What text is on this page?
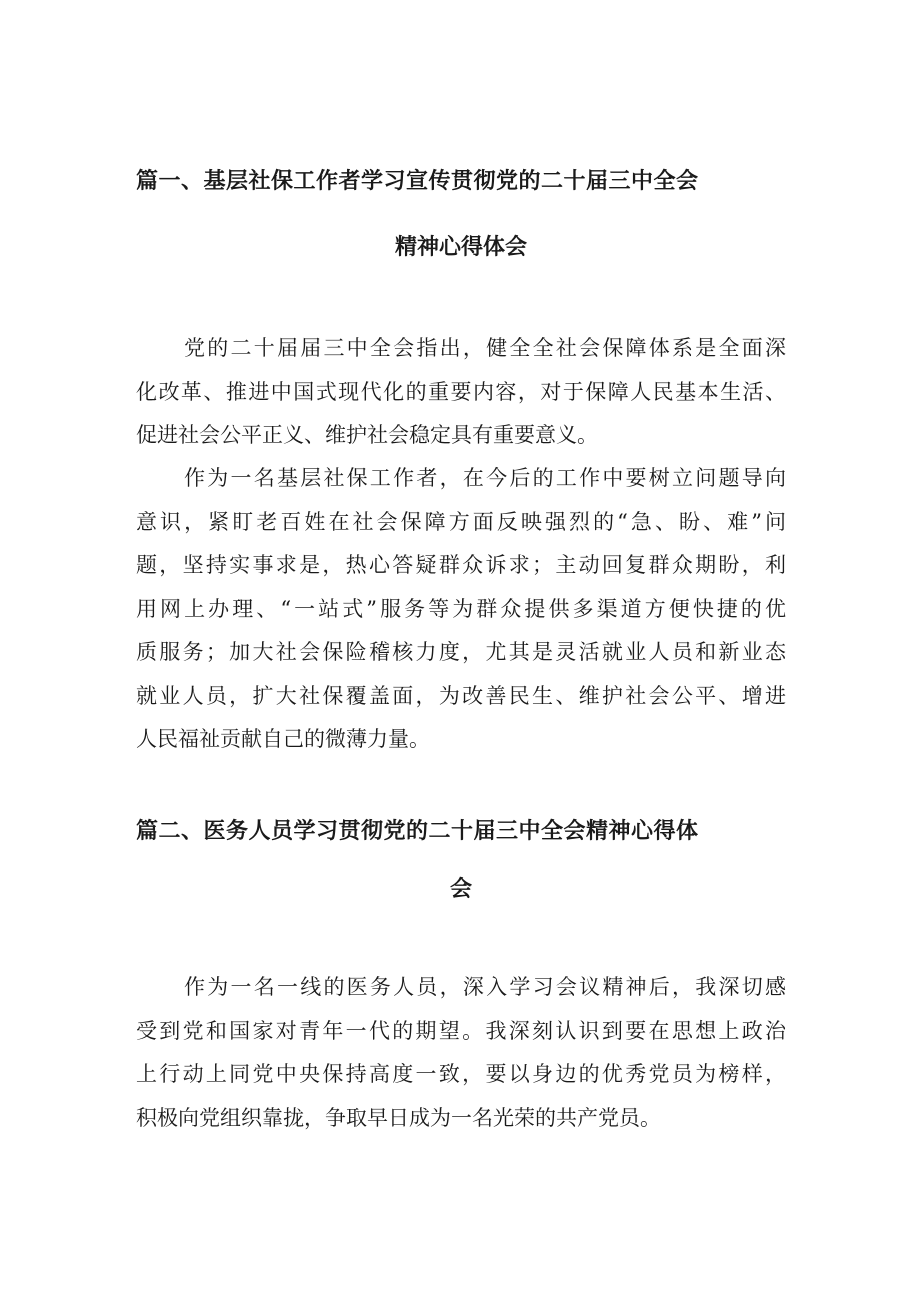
篇一、基层社保工作者学习宣传贯彻党的二十届三中全会
精神心得体会
党的二十届届三中全会指出，健全全社会保障体系是全面深
化改革、推进中国式现代化的重要内容，对于保障人民基本生活、
促进社会公平正义、维护社会稳定具有重要意义。
作为一名基层社保工作者，在今后的工作中要树立问题导向
意识，紧盯老百姓在社会保障方面反映强烈的“急、盼、难”问
题，坚持实事求是，热心答疑群众诉求；主动回复群众期盼，利
用网上办理、“一站式”服务等为群众提供多渠道方便快捷的优
质服务；加大社会保险稽核力度，尤其是灵活就业人员和新业态
就业人员，扩大社保覆盖面，为改善民生、维护社会公平、增进
人民福祉贡献自己的微薄力量。
篇二、医务人员学习贯彻党的二十届三中全会精神心得体
会
作为一名一线的医务人员，深入学习会议精神后，我深切感
受到党和国家对青年一代的期望。我深刻认识到要在思想上政治
上行动上同党中央保持高度一致，要以身边的优秀党员为榜样，
积极向党组织靠拢，争取早日成为一名光荣的共产党员。
